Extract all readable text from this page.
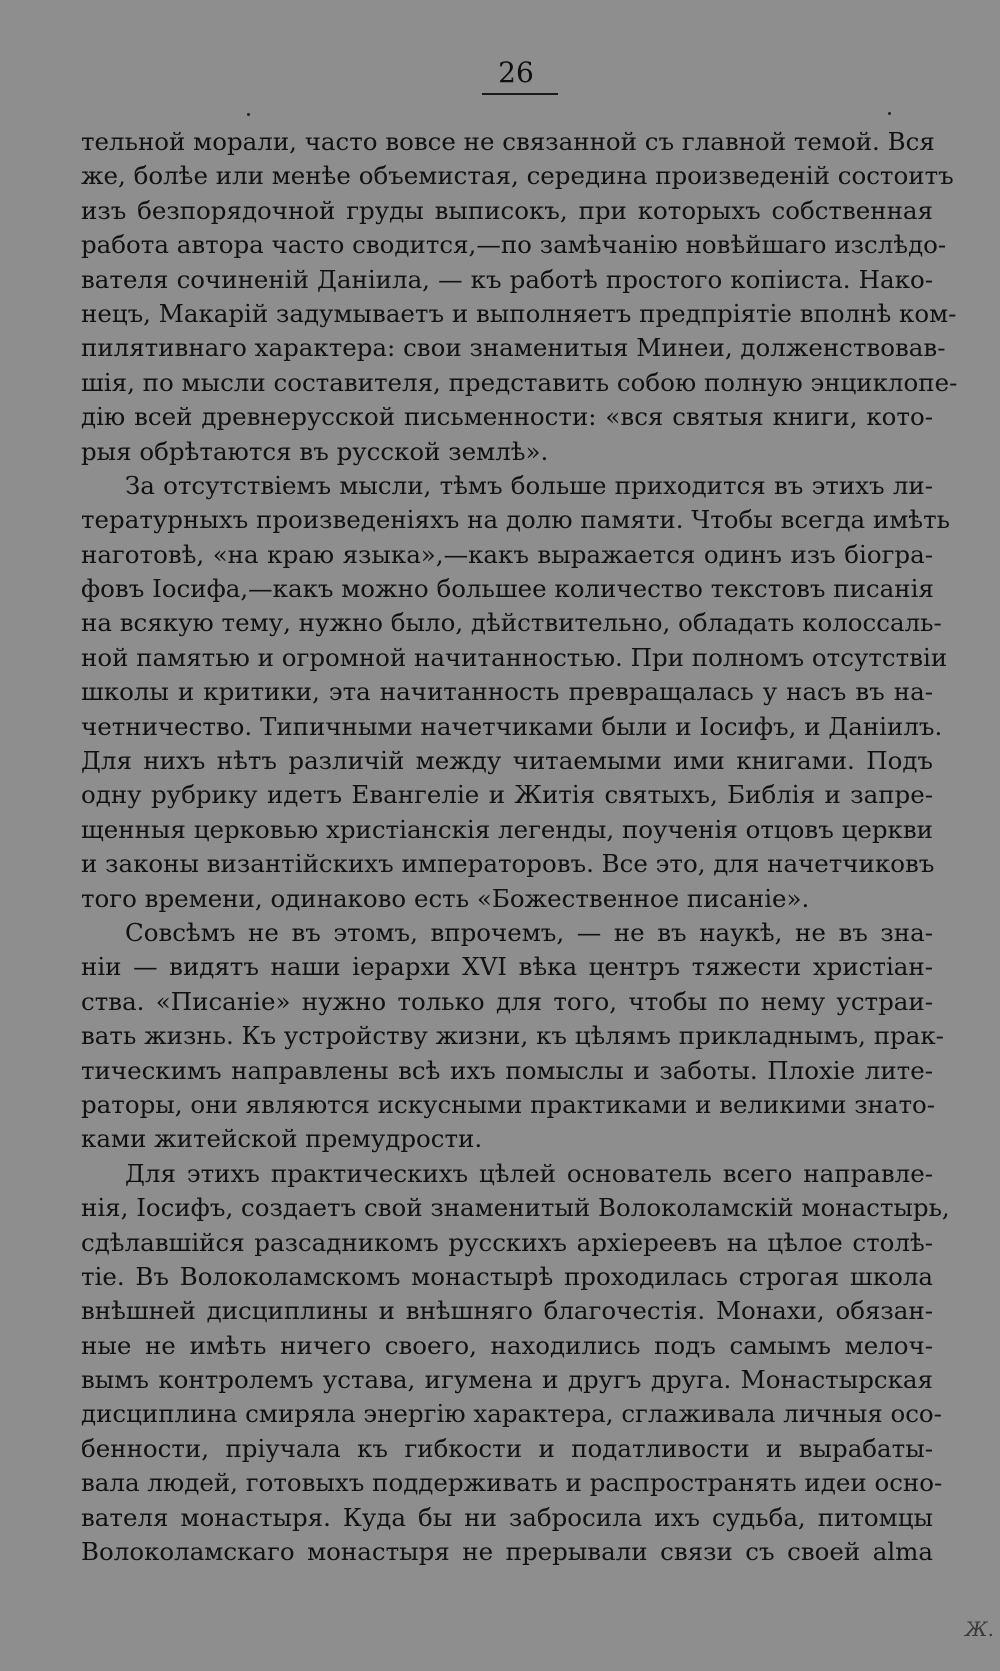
26
тельной морали, часто вовсе не связанной съ главной темой. Вся
же, болѣе или менѣе объемистая, середина произведеній состоитъ
изъ безпорядочной груды выписокъ, при которыхъ собственная
работа автора часто сводится,—по замѣчанію новѣйшаго изслѣдо-
вателя сочиненій Даніила, — къ работѣ простого копіиста. Нако-
нецъ, Макарій задумываетъ и выполняетъ предпріятіе вполнѣ ком-
пилятивнаго характера: свои знаменитыя Минеи, долженствовав-
шія, по мысли составителя, представить собою полную энциклопе-
дію всей древнерусской письменности: «вся святыя книги, кото-
рыя обрѣтаются въ русской землѣ».
За отсутствіемъ мысли, тѣмъ больше приходится въ этихъ ли-
тературныхъ произведеніяхъ на долю памяти. Чтобы всегда имѣть
наготовѣ, «на краю языка»,—какъ выражается одинъ изъ біогра-
фовъ Іосифа,—какъ можно большее количество текстовъ писанія
на всякую тему, нужно было, дѣйствительно, обладать колоссаль-
ной памятью и огромной начитанностью. При полномъ отсутствіи
школы и критики, эта начитанность превращалась у насъ въ на-
четничество. Типичными начетчиками были и Іосифъ, и Даніилъ.
Для нихъ нѣтъ различій между читаемыми ими книгами. Подъ
одну рубрику идетъ Евангеліе и Житія святыхъ, Библія и запре-
щенныя церковью христіанскія легенды, поученія отцовъ церкви
и законы византійскихъ императоровъ. Все это, для начетчиковъ
того времени, одинаково есть «Божественное писаніе».
Совсѣмъ не въ этомъ, впрочемъ, — не въ наукѣ, не въ зна-
ніи — видятъ наши іерархи XVI вѣка центръ тяжести христіан-
ства. «Писаніе» нужно только для того, чтобы по нему устраи-
вать жизнь. Къ устройству жизни, къ цѣлямъ прикладнымъ, прак-
тическимъ направлены всѣ ихъ помыслы и заботы. Плохіе лите-
раторы, они являются искусными практиками и великими знато-
ками житейской премудрости.
Для этихъ практическихъ цѣлей основатель всего направле-
нія, Іосифъ, создаетъ свой знаменитый Волоколамскій монастырь,
сдѣлавшійся разсадникомъ русскихъ архіереевъ на цѣлое столѣ-
тіе. Въ Волоколамскомъ монастырѣ проходилась строгая школа
внѣшней дисциплины и внѣшняго благочестія. Монахи, обязан-
ные не имѣть ничего своего, находились подъ самымъ мелоч-
вымъ контролемъ устава, игумена и другъ друга. Монастырская
дисциплина смиряла энергію характера, сглаживала личныя осо-
бенности, пріучала къ гибкости и податливости и вырабаты-
вала людей, готовыхъ поддерживать и распространять идеи осно-
вателя монастыря. Куда бы ни забросила ихъ судьба, питомцы
Волоколамскаго монастыря не прерывали связи съ своей alma
Ж.
